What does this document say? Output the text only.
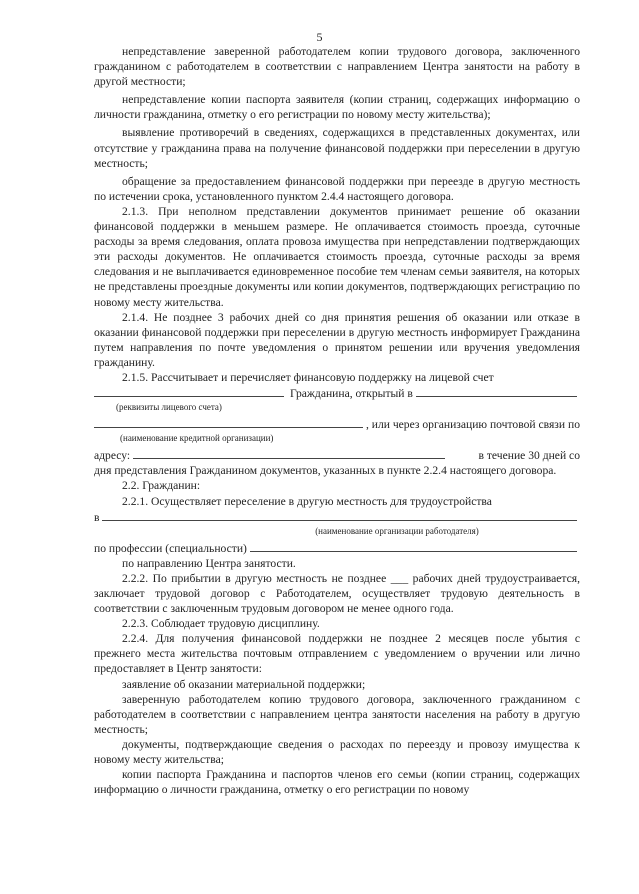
5

непредставление заверенной работодателем копии трудового договора, заключенного гражданином с работодателем в соответствии с направлением Центра занятости на работу в другой местности;

непредставление копии паспорта заявителя (копии страниц, содержащих информацию о личности гражданина, отметку о его регистрации по новому месту жительства);

выявление противоречий в сведениях, содержащихся в представленных документах, или отсутствие у гражданина права на получение финансовой поддержки при переселении в другую местность;

обращение за предоставлением финансовой поддержки при переезде в другую местность по истечении срока, установленного пунктом 2.4.4 настоящего договора.

2.1.3. При неполном представлении документов принимает решение об оказании финансовой поддержки в меньшем размере. Не оплачивается стоимость проезда, суточные расходы за время следования, оплата провоза имущества при непредставлении подтверждающих эти расходы документов. Не оплачивается стоимость проезда, суточные расходы за время следования и не выплачивается единовременное пособие тем членам семьи заявителя, на которых не представлены проездные документы или копии документов, подтверждающих регистрацию по новому месту жительства.

2.1.4. Не позднее 3 рабочих дней со дня принятия решения об оказании или отказе в оказании финансовой поддержки при переселении в другую местность информирует Гражданина путем направления по почте уведомления о принятом решении или вручения уведомления гражданину.

2.1.5. Рассчитывает и перечисляет финансовую поддержку на лицевой счет

Гражданина, открытый в
(реквизиты лицевого счета)
, или через организацию почтовой связи по
(наименование кредитной организации)
адресу:	в течение 30 дней со

дня представления Гражданином документов, указанных в пункте 2.2.4 настоящего договора.

2.2. Гражданин:

2.2.1. Осуществляет переселение в другую местность для трудоустройства

в
(наименование организации работодателя)
по профессии (специальности)

по направлению Центра занятости.

2.2.2. По прибытии в другую местность не позднее ___ рабочих дней трудоустраивается, заключает трудовой договор с Работодателем, осуществляет трудовую деятельность в соответствии с заключенным трудовым договором не менее одного года.

2.2.3. Соблюдает трудовую дисциплину.

2.2.4. Для получения финансовой поддержки не позднее 2 месяцев после убытия с прежнего места жительства почтовым отправлением с уведомлением о вручении или лично предоставляет в Центр занятости:

заявление об оказании материальной поддержки;

заверенную работодателем копию трудового договора, заключенного гражданином с работодателем в соответствии с направлением центра занятости населения на работу в другую местность;

документы, подтверждающие сведения о расходах по переезду и провозу имущества к новому месту жительства;

копии паспорта Гражданина и паспортов членов его семьи (копии страниц, содержащих информацию о личности гражданина, отметку о его регистрации по новому
